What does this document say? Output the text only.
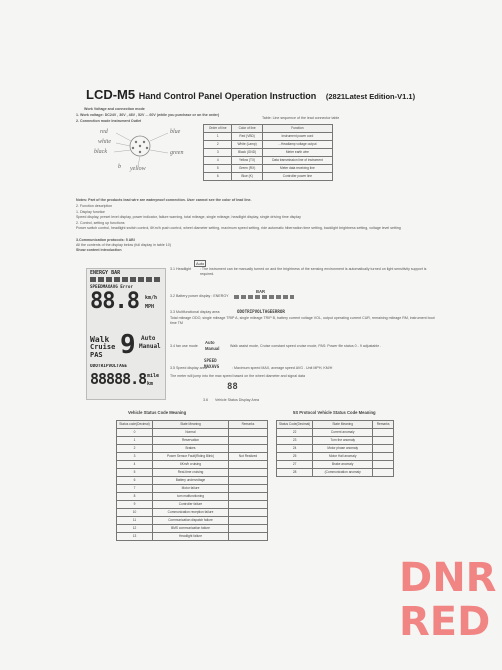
LCD-M5 Hand Control Panel Operation Instruction (2821Latest Edition-V1.1)
Work Voltage and connection mode
1. Work voltage: DC24V , 36V , 48V , 52V ... 60V (while you purchase or on the order)
2. Connection mode Instrument Outlet
red
white
black
blue
green
yellow
b
Table: Line sequence of the lead connector table
Order of line	Color of line	Function
1	Red (VBD)	Instrument power cord
2	White (Lamp)	...Headlamp voltage output
3	Black (GND)	Meter earth wire
4	Yellow (TX)	Data transmission line of instrument
5	Green (RX)	Meter data receiving line
6	Blue (K)	Controller power line
Notes: Part of the products lead wire are waterproof connection. User cannot see the color of lead line.
2. Function description
1. Display function
Speed display, preset level display, power indicator, failure warning, total mileage, single mileage, headlight display, single driving time display
2. Control, setting up functions
Power switch control, headlight switch control, 6Km/h push control, wheel diameter setting, maximum speed setting, ride automatic hibernation time setting, backlight brightness setting, voltage level setting
3.Communication protocols: 5 ABI
All the contents of the display below (full display in table 10)
Show content introduction
ENERGY BAR
SPEEDMAXAVG Error
88.8 km/h
MPH
Walk
Cruise
PAS 9 Auto
Manual
ODOTRIPVOLTAGE
88888.8 mile
km
Auto
3.1 Headlight	: The instrument can be manually turned on and the brightness of the sensing environment is automatically turned on light sensitivity support is required.
3.2 Battery power display : ENERGY
BAR
3.3 Multifunctional display area:	ODOTRIPVOLTAGEERROR
Total mileage ODO, single mileage TRIP A, single mileage TRIP B, battery current voltage VOL, output operating current CUR, remaining mileage RM, instrument boot time TM
3.4 fan use mode
Auto Manual	Walk assist mode, Cruise constant speed cruise mode, PAS: Power file status 0 - 9 adjustable .
3.5 Speed display area
SPEED MAXAVG	: Maximum speed MAX, average speed AVG . Unit MPH, KM/H
The meter will jump into the max speed based on the wheel diameter and signal data
88
3.6 Vehicle Status Display Area
Vehicle Status Code Meaning
Status code(Decimal)	State Meaning	Remarks
0	Normal	
1	Reservation	
2	Brakes	
3	Power Sensor Fault(Riding Blink)	Not Realized
4	6Km/h cruising	
5	Real-time cruising	
6	Battery undervoltage	
7	Motor failure	
8	turn malfunctioning	
9	Controller failure	
10	Communication reception failure	
11	Communication dispatch failure	
12	BMS communication failure	
13	Headlight failure	
5S Protocol Vehicle Status Code Meaning
Status Code(Decimal)	State Meaning	Remarks
22	Current anomaly	
23	Turn the anomaly	
24	Motor phase anomaly	
25	Motor Hall anomaly	
27	Brake anomaly	
28	(Communication anomaly	
DNR
RED
